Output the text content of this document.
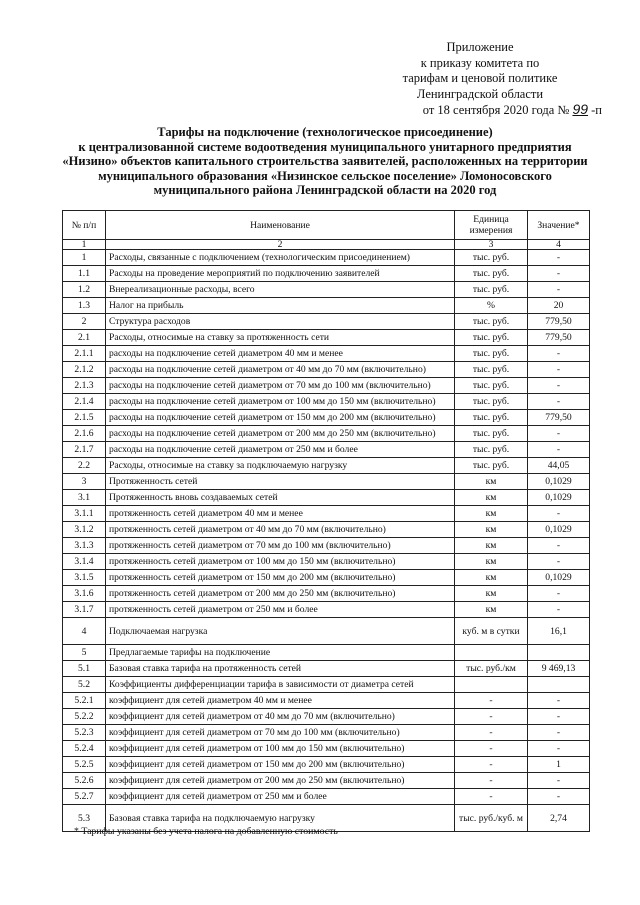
Приложение
к приказу комитета по
тарифам и ценовой политике
Ленинградской области
от 18 сентября 2020 года № 99 -п
Тарифы на подключение (технологическое присоединение)
к централизованной системе водоотведения муниципального унитарного предприятия
«Низино» объектов капитального строительства заявителей, расположенных на территории
муниципального образования «Низинское сельское поселение» Ломоносовского
муниципального района Ленинградской области на 2020 год
№ п/п	Наименование	Единица измерения	Значение*
1	2	3	4
1	Расходы, связанные с подключением (технологическим присоединением)	тыс. руб.	-
1.1	Расходы на проведение мероприятий по подключению заявителей	тыс. руб.	-
1.2	Внереализационные расходы, всего	тыс. руб.	-
1.3	Налог на прибыль	%	20
2	Структура расходов	тыс. руб.	779,50
2.1	Расходы, относимые на ставку за протяженность сети	тыс. руб.	779,50
2.1.1	расходы на подключение сетей диаметром 40 мм и менее	тыс. руб.	-
2.1.2	расходы на подключение сетей диаметром от 40 мм до 70 мм (включительно)	тыс. руб.	-
2.1.3	расходы на подключение сетей диаметром от 70 мм до 100 мм (включительно)	тыс. руб.	-
2.1.4	расходы на подключение сетей диаметром от 100 мм до 150 мм (включительно)	тыс. руб.	-
2.1.5	расходы на подключение сетей диаметром от 150 мм до 200 мм (включительно)	тыс. руб.	779,50
2.1.6	расходы на подключение сетей диаметром от 200 мм до 250 мм (включительно)	тыс. руб.	-
2.1.7	расходы на подключение сетей диаметром от 250 мм и более	тыс. руб.	-
2.2	Расходы, относимые на ставку за подключаемую нагрузку	тыс. руб.	44,05
3	Протяженность сетей	км	0,1029
3.1	Протяженность вновь создаваемых сетей	км	0,1029
3.1.1	протяженность сетей диаметром 40 мм и менее	км	-
3.1.2	протяженность сетей диаметром от 40 мм до 70 мм (включительно)	км	0,1029
3.1.3	протяженность сетей диаметром от 70 мм до 100 мм (включительно)	км	-
3.1.4	протяженность сетей диаметром от 100 мм до 150 мм (включительно)	км	-
3.1.5	протяженность сетей диаметром от 150 мм до 200 мм (включительно)	км	0,1029
3.1.6	протяженность сетей диаметром от 200 мм до 250 мм (включительно)	км	-
3.1.7	протяженность сетей диаметром от 250 мм и более	км	-
4	Подключаемая нагрузка	куб. м в сутки	16,1
5	Предлагаемые тарифы на подключение		
5.1	Базовая ставка тарифа на протяженность сетей	тыс. руб./км	9 469,13
5.2	Коэффициенты дифференциации тарифа в зависимости от диаметра сетей		
5.2.1	коэффициент для сетей диаметром 40 мм и менее	-	-
5.2.2	коэффициент для сетей диаметром от 40 мм до 70 мм (включительно)	-	-
5.2.3	коэффициент для сетей диаметром от 70 мм до 100 мм (включительно)	-	-
5.2.4	коэффициент для сетей диаметром от 100 мм до 150 мм (включительно)	-	-
5.2.5	коэффициент для сетей диаметром от 150 мм до 200 мм (включительно)	-	1
5.2.6	коэффициент для сетей диаметром от 200 мм до 250 мм (включительно)	-	-
5.2.7	коэффициент для сетей диаметром от 250 мм и более	-	-
5.3	Базовая ставка тарифа на подключаемую нагрузку	тыс. руб./куб. м	2,74
* Тарифы указаны без учета налога на добавленную стоимость
